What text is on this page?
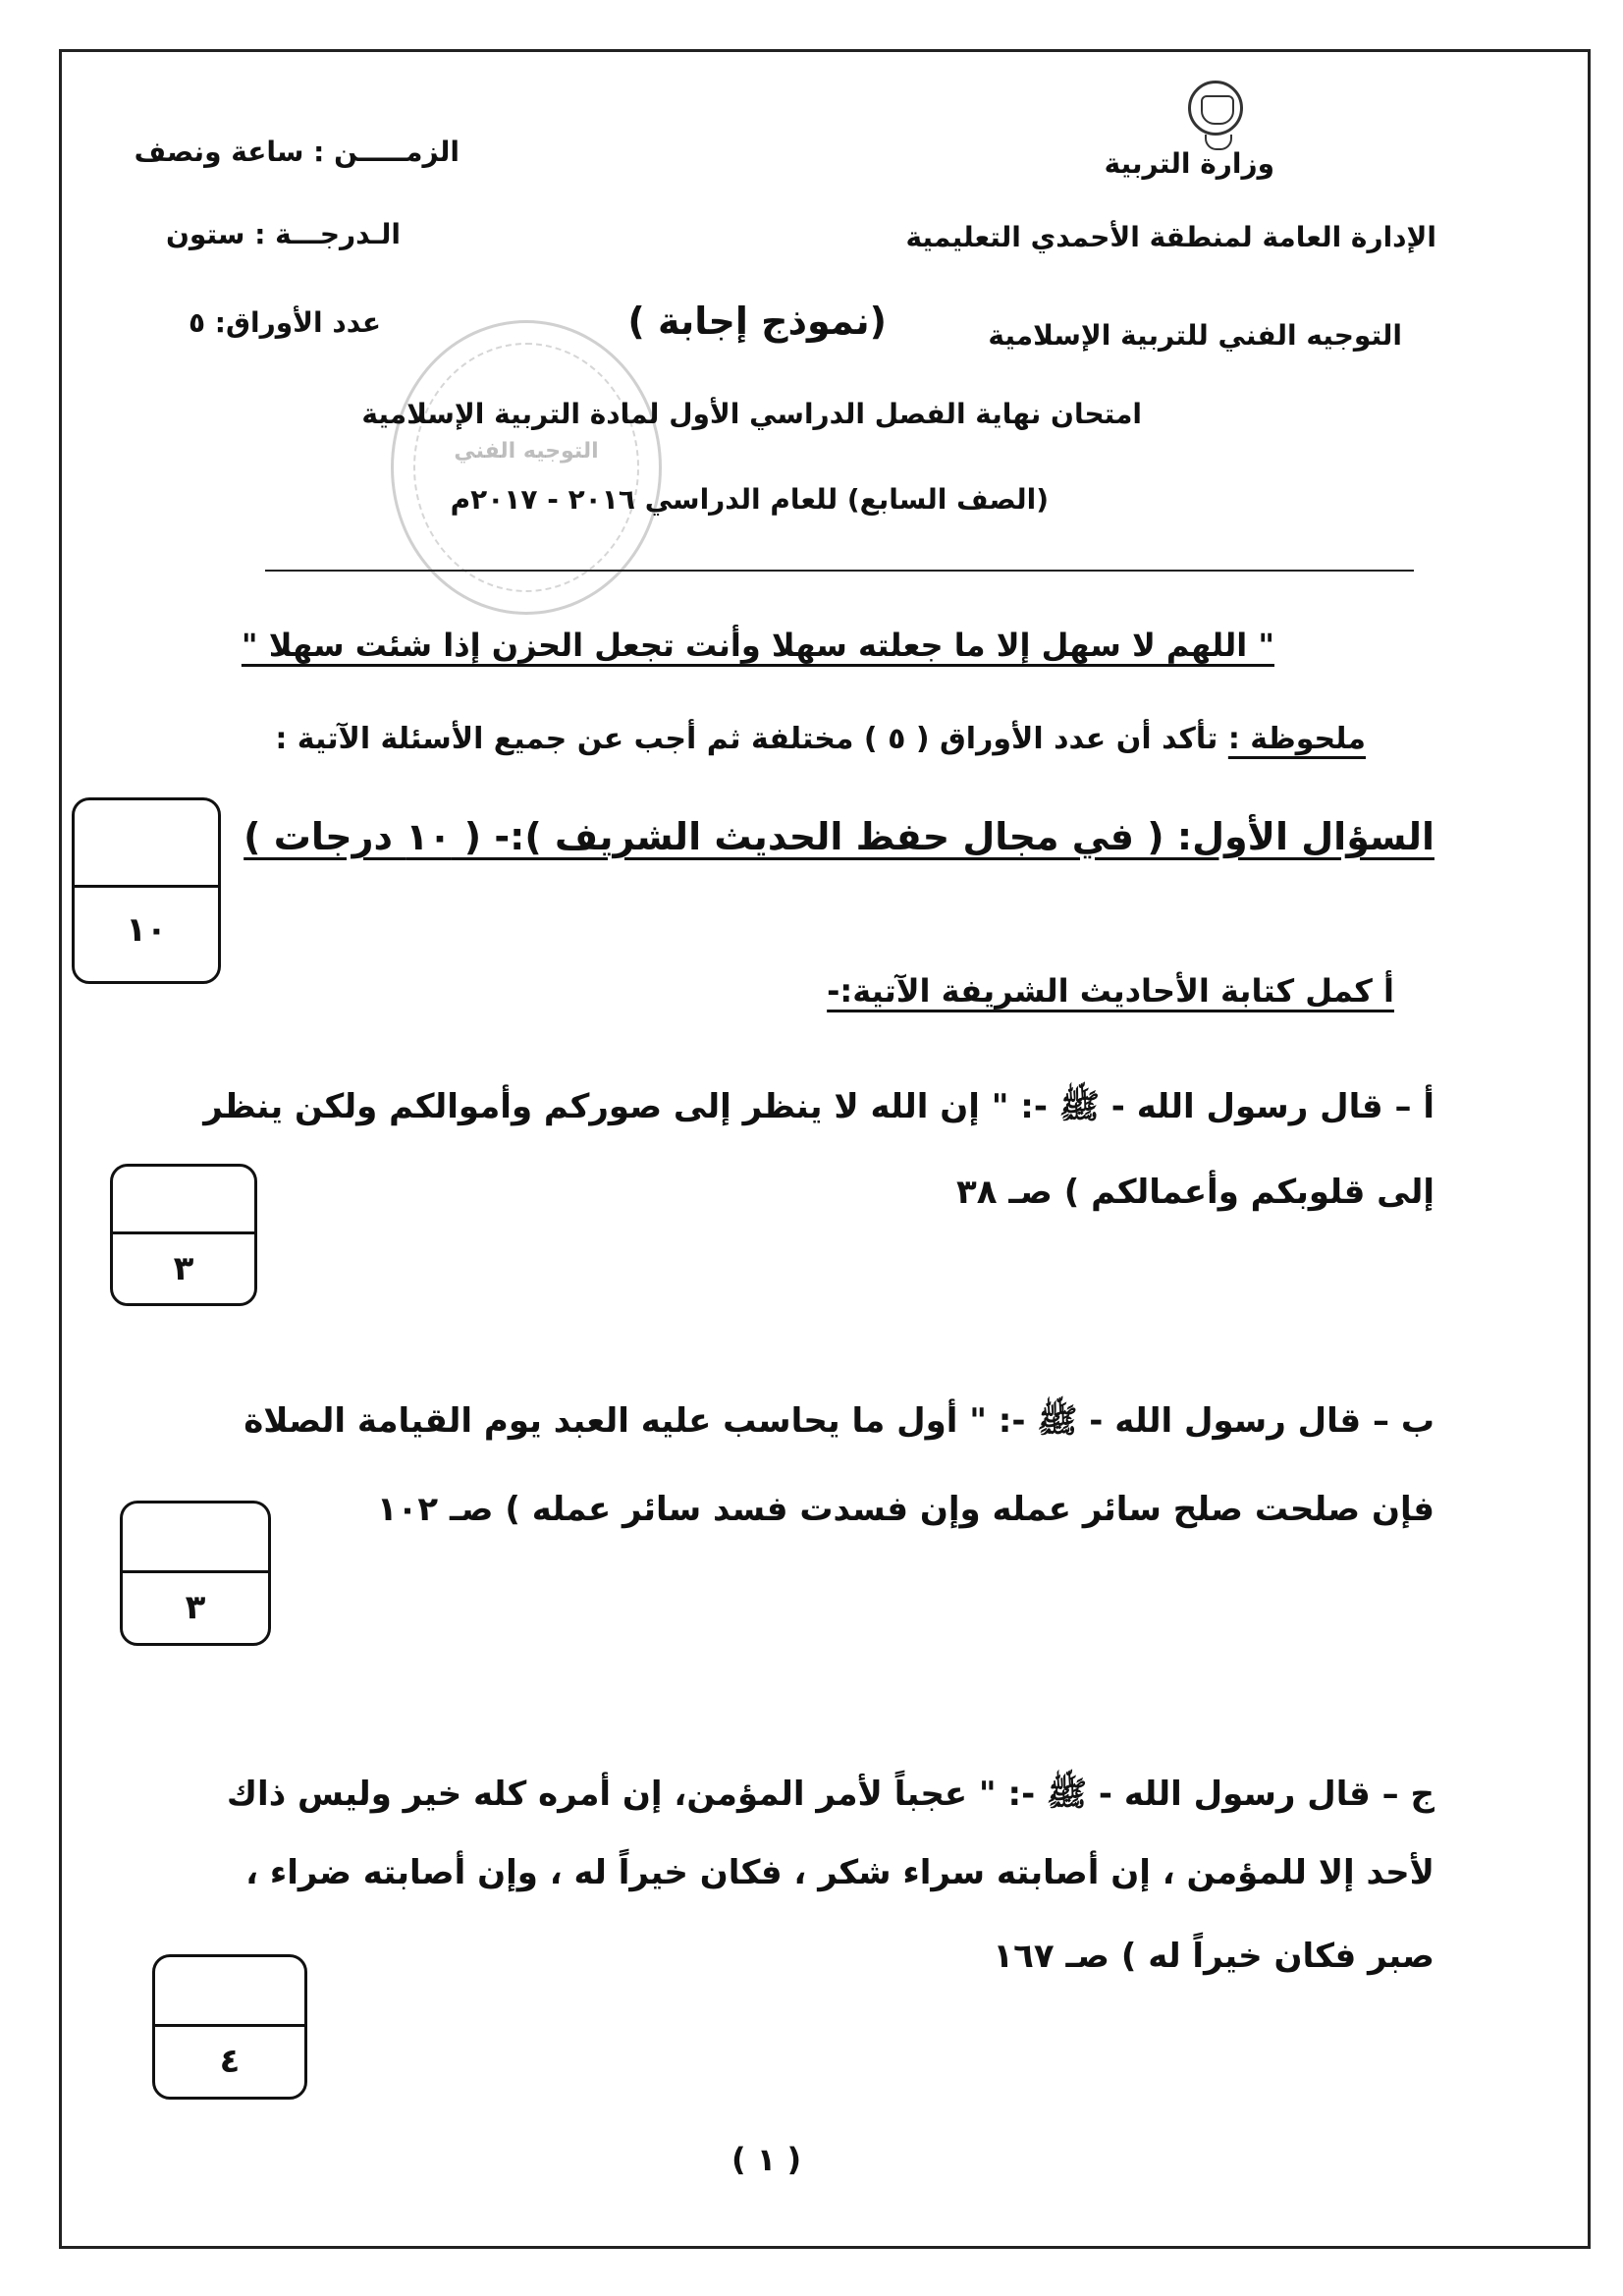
وزارة التربية
الإدارة العامة لمنطقة الأحمدي التعليمية
التوجيه الفني للتربية الإسلامية
الزمـــــن : ساعة ونصف
الـدرجـــة : ستون
عدد الأوراق: ٥
التوجيه الفني
(نموذج إجابة )
امتحان نهاية الفصل الدراسي الأول لمادة التربية الإسلامية
(الصف السابع) للعام الدراسي ٢٠١٦ - ٢٠١٧م
" اللهم لا سهل إلا ما جعلته سهلا وأنت تجعل الحزن إذا شئت سهلا "
ملحوظة : تأكد أن عدد الأوراق ( ٥ ) مختلفة ثم أجب عن جميع الأسئلة الآتية :
السؤال الأول: ( في مجال حفظ الحديث الشريف ):- ( ١٠ درجات )
١٠
أ كمل كتابة الأحاديث الشريفة الآتية:-
أ – قال رسول الله - ﷺ -: " إن الله لا ينظر إلى صوركم وأموالكم ولكن ينظر
إلى قلوبكم وأعمالكم ) صـ ٣٨
٣
ب – قال رسول الله - ﷺ -: " أول ما يحاسب عليه العبد يوم القيامة الصلاة
فإن صلحت صلح سائر عمله وإن فسدت فسد سائر عمله ) صـ ١٠٢
٣
ج – قال رسول الله - ﷺ -: " عجباً لأمر المؤمن، إن أمره كله خير وليس ذاك
لأحد إلا للمؤمن ، إن أصابته سراء شكر ، فكان خيراً له ، وإن أصابته ضراء ،
صبر فكان خيراً له ) صـ ١٦٧
٤
( ١ )
